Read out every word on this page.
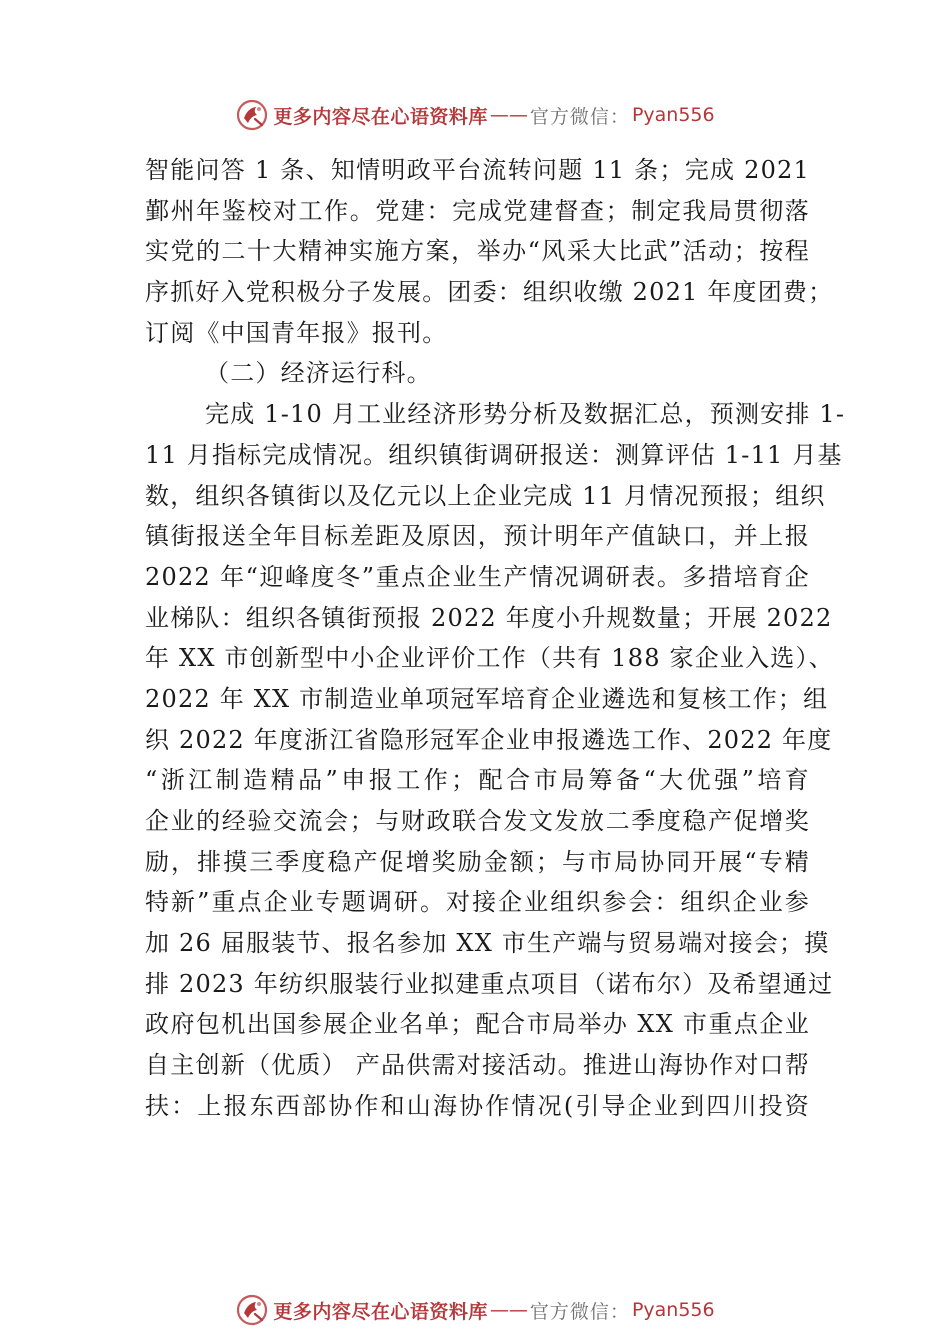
更多内容尽在心语资料库 —— 官方微信： Pyan556
智能问答 1 条、知情明政平台流转问题 11 条；完成 2021
鄞州年鉴校对工作。党建：完成党建督查；制定我局贯彻落
实党的二十大精神实施方案，举办“风采大比武”活动；按程
序抓好入党积极分子发展。团委：组织收缴 2021 年度团费；
订阅《中国青年报》报刊。
（二）经济运行科。
完成 1-10 月工业经济形势分析及数据汇总，预测安排 1-
11 月指标完成情况。组织镇街调研报送：测算评估 1-11 月基
数，组织各镇街以及亿元以上企业完成 11 月情况预报；组织
镇街报送全年目标差距及原因，预计明年产值缺口，并上报
2022 年“迎峰度冬”重点企业生产情况调研表。多措培育企
业梯队：组织各镇街预报 2022 年度小升规数量；开展 2022
年 XX 市创新型中小企业评价工作（共有 188 家企业入选）、
2022 年 XX 市制造业单项冠军培育企业遴选和复核工作；组
织 2022 年度浙江省隐形冠军企业申报遴选工作、2022 年度
“浙江制造精品”申报工作；配合市局筹备“大优强”培育
企业的经验交流会；与财政联合发文发放二季度稳产促增奖
励，排摸三季度稳产促增奖励金额；与市局协同开展“专精
特新”重点企业专题调研。对接企业组织参会：组织企业参
加 26 届服装节、报名参加 XX 市生产端与贸易端对接会；摸
排 2023 年纺织服装行业拟建重点项目（诺布尔）及希望通过
政府包机出国参展企业名单；配合市局举办 XX 市重点企业
自主创新（优质） 产品供需对接活动。推进山海协作对口帮
扶：上报东西部协作和山海协作情况(引导企业到四川投资
更多内容尽在心语资料库 —— 官方微信： Pyan556
